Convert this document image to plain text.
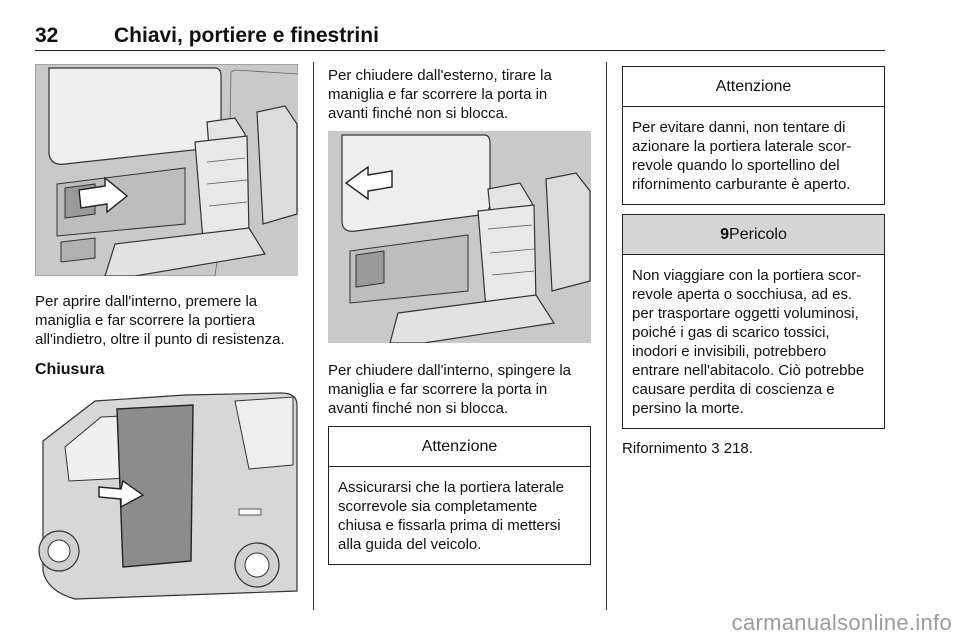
32	Chiavi, portiere e finestrini

Per aprire dall'interno, premere la maniglia e far scorrere la portiera all'indietro, oltre il punto di resistenza.

Chiusura

Per chiudere dall'esterno, tirare la maniglia e far scorrere la porta in avanti finché non si blocca.

Per chiudere dall'interno, spingere la maniglia e far scorrere la porta in avanti finché non si blocca.

Attenzione
Assicurarsi che la portiera laterale scorrevole sia completamente chiusa e fissarla prima di mettersi alla guida del veicolo.
Attenzione
Per evitare danni, non tentare di azionare la portiera laterale scorrevole quando lo sportellino del rifornimento carburante è aperto.
9 Pericolo
Non viaggiare con la portiera scorrevole aperta o socchiusa, ad es. per trasportare oggetti voluminosi, poiché i gas di scarico tossici, inodori e invisibili, potrebbero entrare nell'abitacolo. Ciò potrebbe causare perdita di coscienza e persino la morte.

Rifornimento 3 218.

carmanualsonline.info
